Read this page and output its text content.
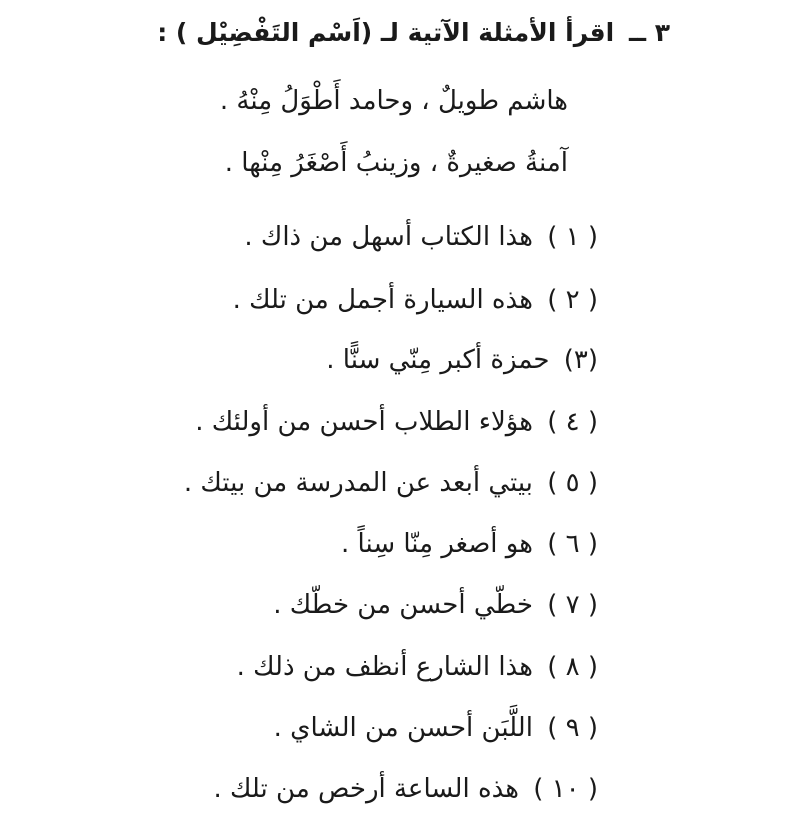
٣ ــ اقرأ الأمثلة الآتية لـ (اَسْم التَفْضِيْل ) :
هاشم طويلٌ ، وحامد أَطْوَلُ مِنْهُ .
آمنةُ صغيرةٌ ، وزينبُ أَصْغَرُ مِنْها .
( ١ ) هذا الكتاب أسهل من ذاك .
( ٢ ) هذه السيارة أجمل من تلك .
(٣) حمزة أكبر مِنّي سنًّا .
( ٤ ) هؤلاء الطلاب أحسن من أولئك .
( ٥ ) بيتي أبعد عن المدرسة من بيتك .
( ٦ ) هو أصغر مِنّا سِناً .
( ٧ ) خطّي أحسن من خطّك .
( ٨ ) هذا الشارع أنظف من ذلك .
( ٩ ) اللَّبَن أحسن من الشاي .
( ١٠ ) هذه الساعة أرخص من تلك .
